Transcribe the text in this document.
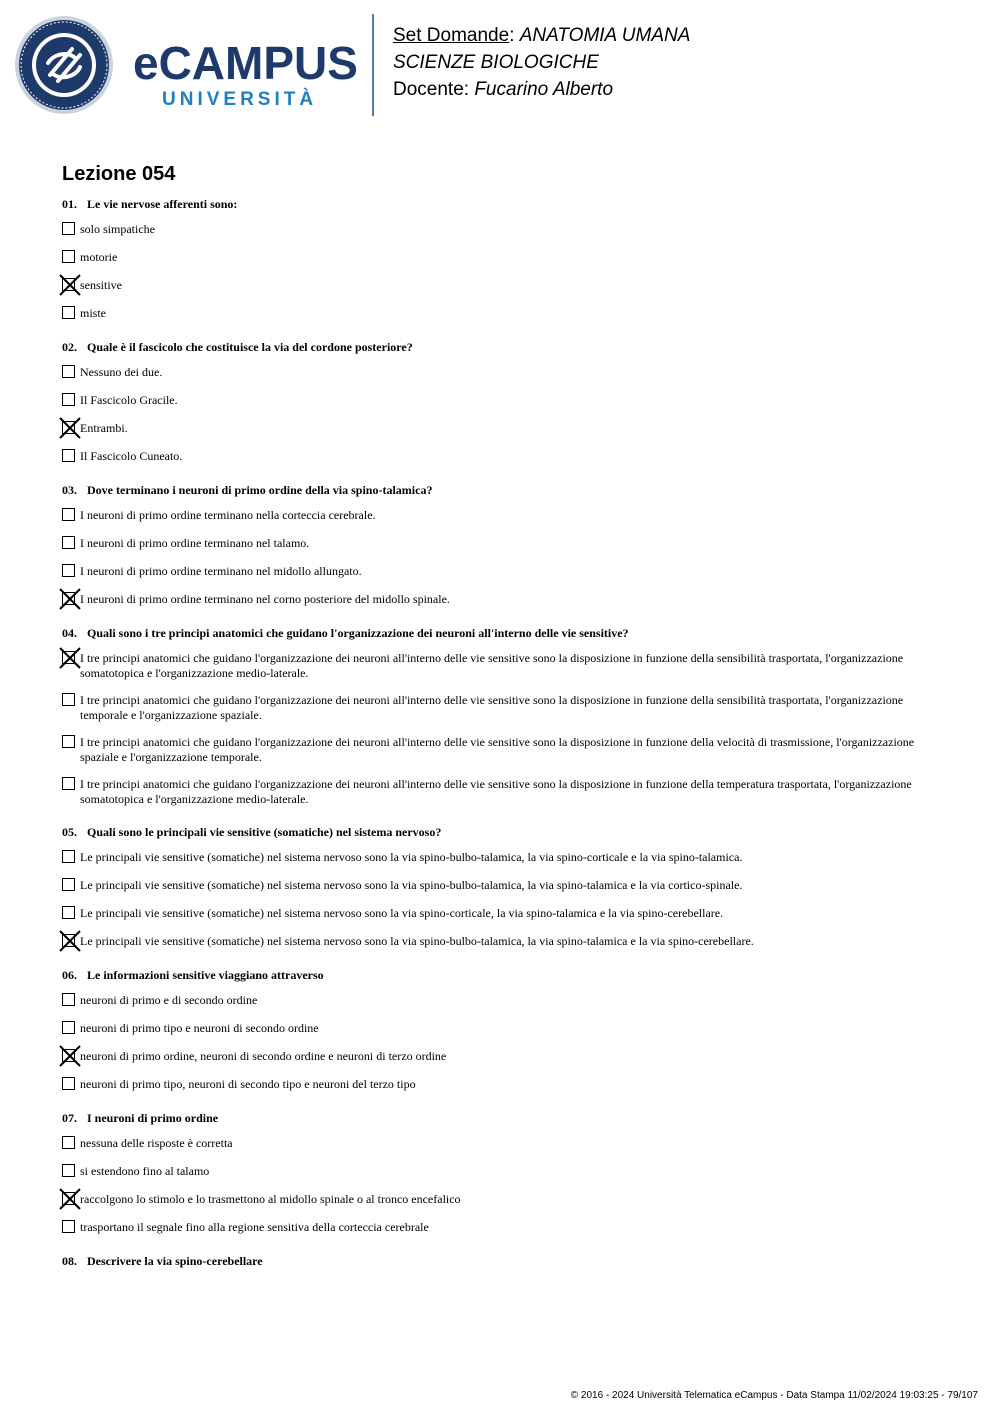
eCAMPUS
UNIVERSITÀ
Set Domande: ANATOMIA UMANA
SCIENZE BIOLOGICHE
Docente: Fucarino Alberto
Lezione 054
01. Le vie nervose afferenti sono:
solo simpatiche
motorie
sensitive
miste
02. Quale è il fascicolo che costituisce la via del cordone posteriore?
Nessuno dei due.
Il Fascicolo Gracile.
Entrambi.
Il Fascicolo Cuneato.
03. Dove terminano i neuroni di primo ordine della via spino-talamica?
I neuroni di primo ordine terminano nella corteccia cerebrale.
I neuroni di primo ordine terminano nel talamo.
I neuroni di primo ordine terminano nel midollo allungato.
I neuroni di primo ordine terminano nel corno posteriore del midollo spinale.
04. Quali sono i tre principi anatomici che guidano l'organizzazione dei neuroni all'interno delle vie sensitive?
I tre principi anatomici che guidano l'organizzazione dei neuroni all'interno delle vie sensitive sono la disposizione in funzione della sensibilità trasportata, l'organizzazione somatotopica e l'organizzazione medio-laterale.
I tre principi anatomici che guidano l'organizzazione dei neuroni all'interno delle vie sensitive sono la disposizione in funzione della sensibilità trasportata, l'organizzazione temporale e l'organizzazione spaziale.
I tre principi anatomici che guidano l'organizzazione dei neuroni all'interno delle vie sensitive sono la disposizione in funzione della velocità di trasmissione, l'organizzazione spaziale e l'organizzazione temporale.
I tre principi anatomici che guidano l'organizzazione dei neuroni all'interno delle vie sensitive sono la disposizione in funzione della temperatura trasportata, l'organizzazione somatotopica e l'organizzazione medio-laterale.
05. Quali sono le principali vie sensitive (somatiche) nel sistema nervoso?
Le principali vie sensitive (somatiche) nel sistema nervoso sono la via spino-bulbo-talamica, la via spino-corticale e la via spino-talamica.
Le principali vie sensitive (somatiche) nel sistema nervoso sono la via spino-bulbo-talamica, la via spino-talamica e la via cortico-spinale.
Le principali vie sensitive (somatiche) nel sistema nervoso sono la via spino-corticale, la via spino-talamica e la via spino-cerebellare.
Le principali vie sensitive (somatiche) nel sistema nervoso sono la via spino-bulbo-talamica, la via spino-talamica e la via spino-cerebellare.
06. Le informazioni sensitive viaggiano attraverso
neuroni di primo e di secondo ordine
neuroni di primo tipo e neuroni di secondo ordine
neuroni di primo ordine, neuroni di secondo ordine e neuroni di terzo ordine
neuroni di primo tipo, neuroni di secondo tipo e neuroni del terzo tipo
07. I neuroni di primo ordine
nessuna delle risposte è corretta
si estendono fino al talamo
raccolgono lo stimolo e lo trasmettono al midollo spinale o al tronco encefalico
trasportano il segnale fino alla regione sensitiva della corteccia cerebrale
08. Descrivere la via spino-cerebellare
© 2016 - 2024 Università Telematica eCampus - Data Stampa 11/02/2024 19:03:25 - 79/107
